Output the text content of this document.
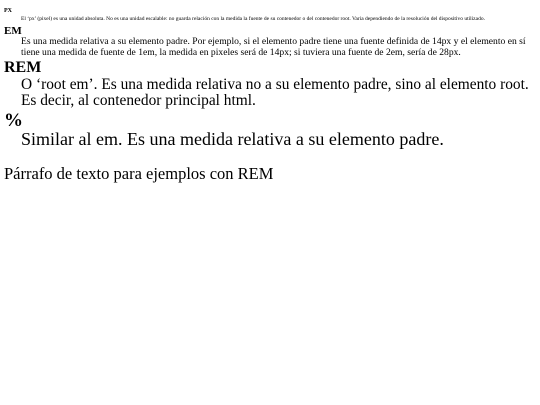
PX
El ‘px’ (pixel) es una unidad absoluta. No es una unidad escalable: no guarda relación con la medida la fuente de su contenedor o del contenedor root. Varia dependiendo de la resolución del dispositivo utilizado.
EM
Es una medida relativa a su elemento padre. Por ejemplo, si el elemento padre tiene una fuente definida de 14px y el elemento en sí tiene una medida de fuente de 1em, la medida en pixeles será de 14px; si tuviera una fuente de 2em, sería de 28px.
REM
O ‘root em’. Es una medida relativa no a su elemento padre, sino al elemento root. Es decir, al contenedor principal html.
%
Similar al em. Es una medida relativa a su elemento padre.

Párrafo de texto para ejemplos con REM
